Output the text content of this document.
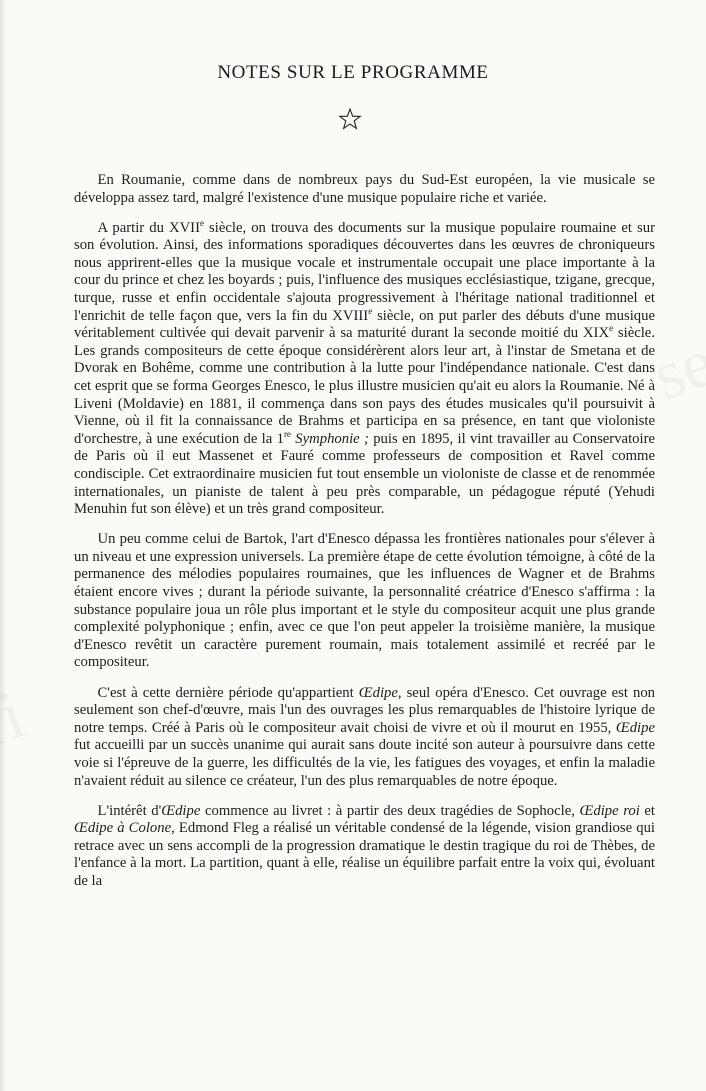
NOTES SUR LE PROGRAMME

En Roumanie, comme dans de nombreux pays du Sud-Est européen, la vie musicale se développa assez tard, malgré l'existence d'une musique populaire riche et variée.

A partir du XVIIe siècle, on trouva des documents sur la musique populaire roumaine et sur son évolution. Ainsi, des informations sporadiques découvertes dans les œuvres de chroniqueurs nous apprirent-elles que la musique vocale et instrumentale occupait une place importante à la cour du prince et chez les boyards ; puis, l'influence des musiques ecclésiastique, tzigane, grecque, turque, russe et enfin occidentale s'ajouta progressivement à l'héritage national traditionnel et l'enrichit de telle façon que, vers la fin du XVIIIe siècle, on put parler des débuts d'une musique véritablement cultivée qui devait parvenir à sa maturité durant la seconde moitié du XIXe siècle. Les grands compositeurs de cette époque considérèrent alors leur art, à l'instar de Smetana et de Dvorak en Bohême, comme une contribution à la lutte pour l'indépendance nationale. C'est dans cet esprit que se forma Georges Enesco, le plus illustre musicien qu'ait eu alors la Roumanie. Né à Liveni (Moldavie) en 1881, il commença dans son pays des études musicales qu'il poursuivit à Vienne, où il fit la connaissance de Brahms et participa en sa présence, en tant que violoniste d'orchestre, à une exécution de la 1re Symphonie ; puis en 1895, il vint travailler au Conservatoire de Paris où il eut Massenet et Fauré comme professeurs de composition et Ravel comme condisciple. Cet extraordinaire musicien fut tout ensemble un violoniste de classe et de renommée internationales, un pianiste de talent à peu près comparable, un pédagogue réputé (Yehudi Menuhin fut son élève) et un très grand compositeur.

Un peu comme celui de Bartok, l'art d'Enesco dépassa les frontières nationales pour s'élever à un niveau et une expression universels. La première étape de cette évolution témoigne, à côté de la permanence des mélodies populaires roumaines, que les influences de Wagner et de Brahms étaient encore vives ; durant la période suivante, la personnalité créatrice d'Enesco s'affirma : la substance populaire joua un rôle plus important et le style du compositeur acquit une plus grande complexité polyphonique ; enfin, avec ce que l'on peut appeler la troisième manière, la musique d'Enesco revêtit un caractère purement roumain, mais totalement assimilé et recréé par le compositeur.

C'est à cette dernière période qu'appartient Œdipe, seul opéra d'Enesco. Cet ouvrage est non seulement son chef-d'œuvre, mais l'un des ouvrages les plus remarquables de l'histoire lyrique de notre temps. Créé à Paris où le compositeur avait choisi de vivre et où il mourut en 1955, Œdipe fut accueilli par un succès unanime qui aurait sans doute incité son auteur à poursuivre dans cette voie si l'épreuve de la guerre, les difficultés de la vie, les fatigues des voyages, et enfin la maladie n'avaient réduit au silence ce créateur, l'un des plus remarquables de notre époque.

L'intérêt d'Œdipe commence au livret : à partir des deux tragédies de Sophocle, Œdipe roi et Œdipe à Colone, Edmond Fleg a réalisé un véritable condensé de la légende, vision grandiose qui retrace avec un sens accompli de la progression dramatique le destin tragique du roi de Thèbes, de l'enfance à la mort. La partition, quant à elle, réalise un équilibre parfait entre la voix qui, évoluant de la
